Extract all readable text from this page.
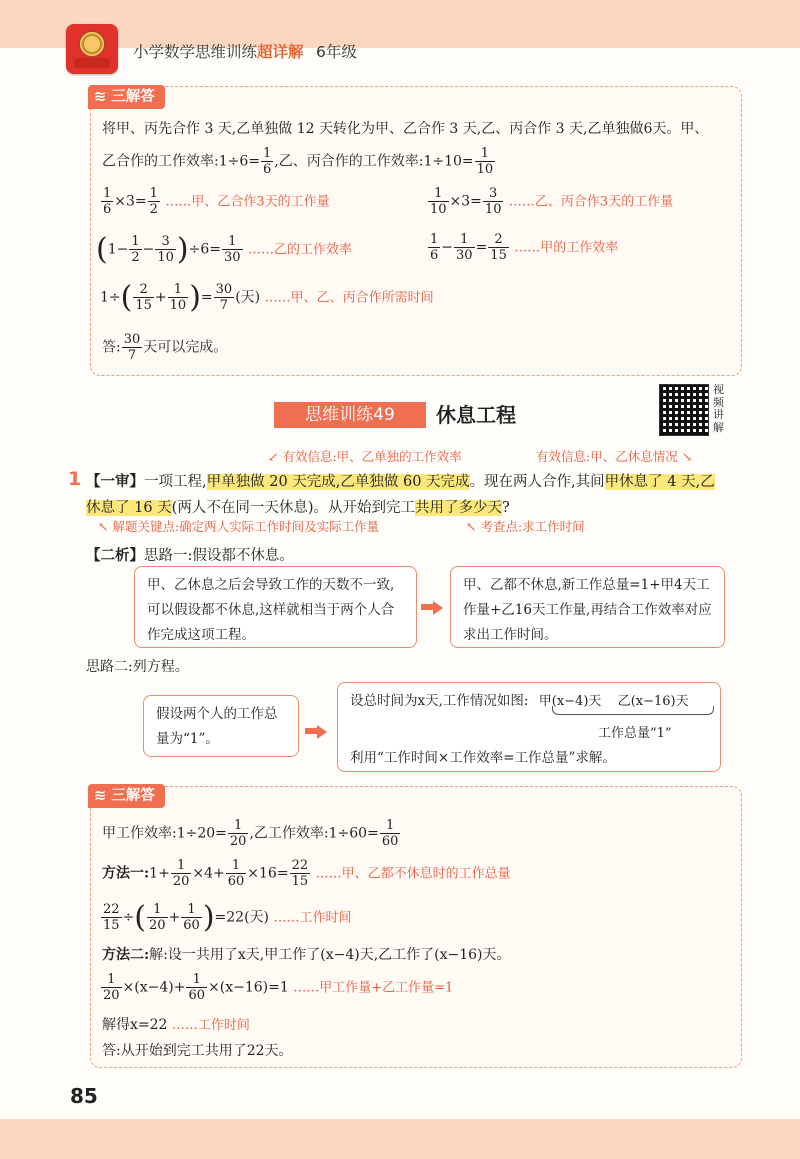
小学数学思维训练超详解 6年级
≋ 三解答
将甲、丙先合作 3 天,乙单独做 12 天转化为甲、乙合作 3 天,乙、丙合作 3 天,乙单独做6天。甲、
乙合作的工作效率:1÷6= $\frac{1}{6}$ ,乙、丙合作的工作效率:1÷10= $\frac{1}{10}$
$\frac{1}{6} \times 3= \frac{1}{2}$ ……甲、乙合作3天的工作量	$\frac{1}{10} \times 3= \frac{3}{10}$ ……乙、丙合作3天的工作量
$(1- \frac{1}{2} - \frac{3}{10} )\div 6= \frac{1}{30}$ ……乙的工作效率	$\frac{1}{6} - \frac{1}{30} = \frac{2}{15}$ ……甲的工作效率
$1\div( \frac{2}{15} + \frac{1}{10}$ )= $\frac{30}{7}$ (天) ……甲、乙、丙合作所需时间
答: $\frac{30}{7}$ 天可以完成。
思维训练49	休息工程
视频讲解
↙ 有效信息:甲、乙单独的工作效率	有效信息:甲、乙休息情况 ↘
1 【一审】一项工程,甲单独做 20 天完成,乙单独做 60 天完成。现在两人合作,其间甲休息了 4 天,乙
休息了 16 天(两人不在同一天休息)。从开始到完工共用了多少天?
↖ 解题关键点:确定两人实际工作时间及实际工作量	↖ 考查点:求工作时间
【二析】思路一:假设都不休息。
甲、乙休息之后会导致工作的天数不一致,可以假设都不休息,这样就相当于两个人合作完成这项工程。
甲、乙都不休息,新工作总量=1+甲4天工作量+乙16天工作量,再结合工作效率对应求出工作时间。
思路二:列方程。
假设两个人的工作总量为“1”。
设总时间为x天,工作情况如图: 甲(x−4)天 乙(x−16)天
工作总量“1”
利用“工作时间×工作效率=工作总量”求解。
≋ 三解答
甲工作效率:1÷20= $\frac{1}{20}$ ,乙工作效率:1÷60= $\frac{1}{60}$
方法一:1+ $\frac{1}{20} \times 4+ \frac{1}{60} \times 16= \frac{22}{15}$ ……甲、乙都不休息时的工作总量
$\frac{22}{15}$ ÷( $\frac{1}{20} + \frac{1}{60} )=22$(天) ……工作时间
方法二:解:设一共用了x天,甲工作了(x−4)天,乙工作了(x−16)天。
$\frac{1}{20} \times(x-4)+ \frac{1}{60} \times(x-16)=1$ ……甲工作量+乙工作量=1
解得x=22 ……工作时间
答:从开始到完工共用了22天。
85
